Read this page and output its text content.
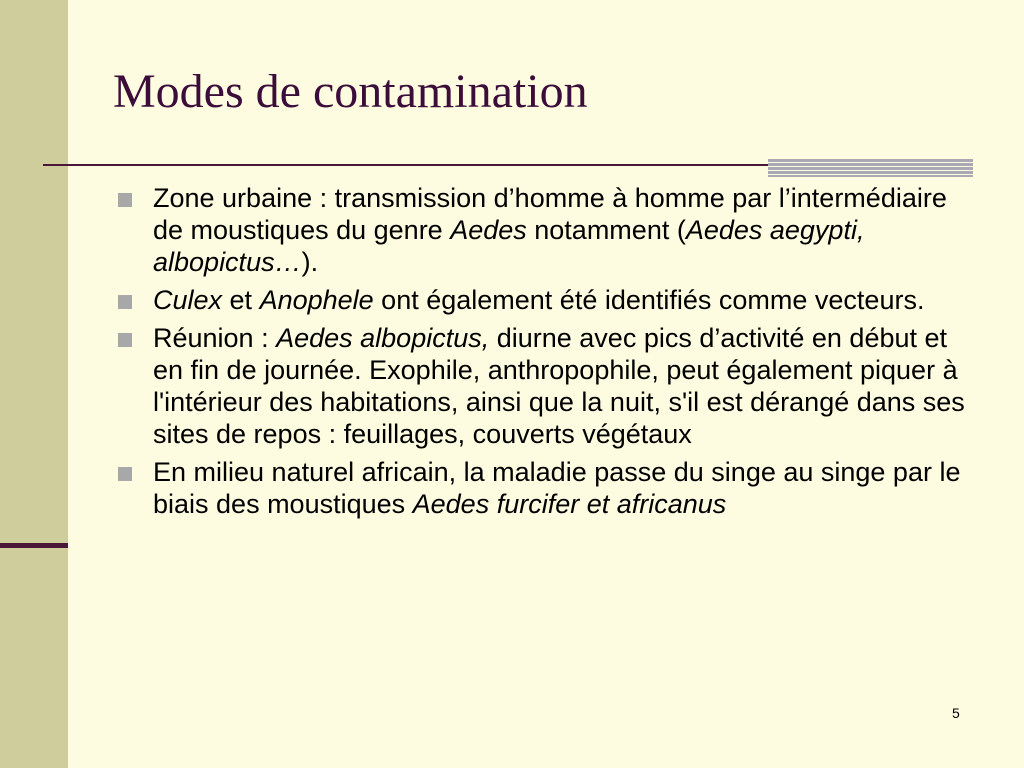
Modes de contamination
Zone urbaine : transmission d’homme à homme par l’intermédiaire de moustiques du genre Aedes notamment (Aedes aegypti, albopictus…).
Culex et Anophele ont également été identifiés comme vecteurs.
Réunion : Aedes albopictus, diurne avec pics d’activité en début et en fin de journée. Exophile, anthropophile, peut également piquer à l'intérieur des habitations, ainsi que la nuit, s'il est dérangé dans ses sites de repos : feuillages, couverts végétaux
En milieu naturel africain, la maladie passe du singe au singe par le biais des moustiques Aedes furcifer et africanus
5
